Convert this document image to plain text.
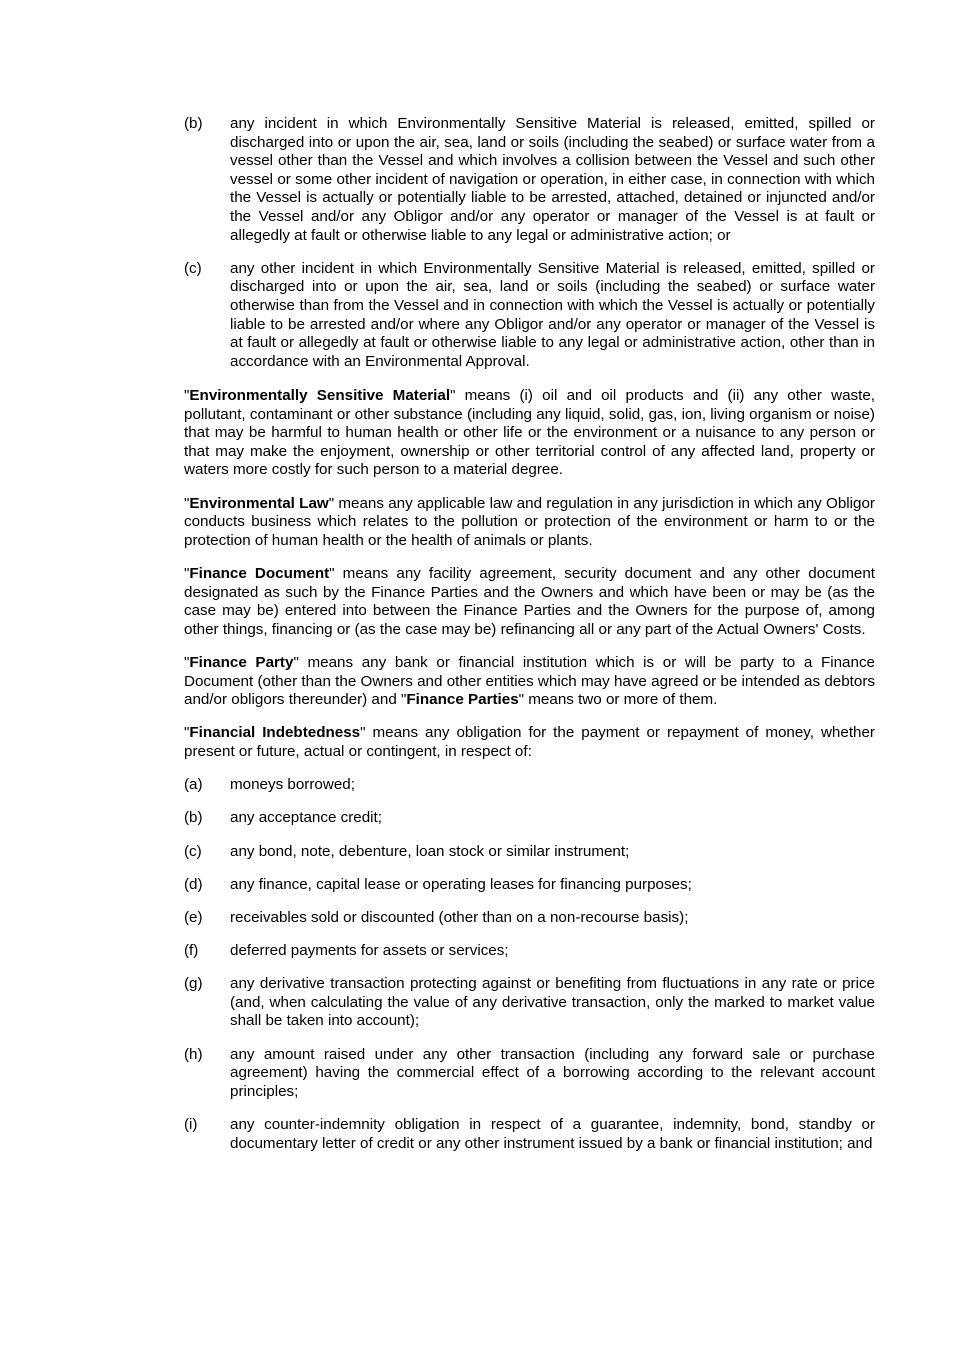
(b) any incident in which Environmentally Sensitive Material is released, emitted, spilled or discharged into or upon the air, sea, land or soils (including the seabed) or surface water from a vessel other than the Vessel and which involves a collision between the Vessel and such other vessel or some other incident of navigation or operation, in either case, in connection with which the Vessel is actually or potentially liable to be arrested, attached, detained or injuncted and/or the Vessel and/or any Obligor and/or any operator or manager of the Vessel is at fault or allegedly at fault or otherwise liable to any legal or administrative action; or
(c) any other incident in which Environmentally Sensitive Material is released, emitted, spilled or discharged into or upon the air, sea, land or soils (including the seabed) or surface water otherwise than from the Vessel and in connection with which the Vessel is actually or potentially liable to be arrested and/or where any Obligor and/or any operator or manager of the Vessel is at fault or allegedly at fault or otherwise liable to any legal or administrative action, other than in accordance with an Environmental Approval.

"Environmentally Sensitive Material" means (i) oil and oil products and (ii) any other waste, pollutant, contaminant or other substance (including any liquid, solid, gas, ion, living organism or noise) that may be harmful to human health or other life or the environment or a nuisance to any person or that may make the enjoyment, ownership or other territorial control of any affected land, property or waters more costly for such person to a material degree.

"Environmental Law" means any applicable law and regulation in any jurisdiction in which any Obligor conducts business which relates to the pollution or protection of the environment or harm to or the protection of human health or the health of animals or plants.

"Finance Document" means any facility agreement, security document and any other document designated as such by the Finance Parties and the Owners and which have been or may be (as the case may be) entered into between the Finance Parties and the Owners for the purpose of, among other things, financing or (as the case may be) refinancing all or any part of the Actual Owners' Costs.

"Finance Party" means any bank or financial institution which is or will be party to a Finance Document (other than the Owners and other entities which may have agreed or be intended as debtors and/or obligors thereunder) and "Finance Parties" means two or more of them.

"Financial Indebtedness" means any obligation for the payment or repayment of money, whether present or future, actual or contingent, in respect of:

(a) moneys borrowed;
(b) any acceptance credit;
(c) any bond, note, debenture, loan stock or similar instrument;
(d) any finance, capital lease or operating leases for financing purposes;
(e) receivables sold or discounted (other than on a non-recourse basis);
(f) deferred payments for assets or services;
(g) any derivative transaction protecting against or benefiting from fluctuations in any rate or price (and, when calculating the value of any derivative transaction, only the marked to market value shall be taken into account);
(h) any amount raised under any other transaction (including any forward sale or purchase agreement) having the commercial effect of a borrowing according to the relevant account principles;
(i) any counter-indemnity obligation in respect of a guarantee, indemnity, bond, standby or documentary letter of credit or any other instrument issued by a bank or financial institution; and
